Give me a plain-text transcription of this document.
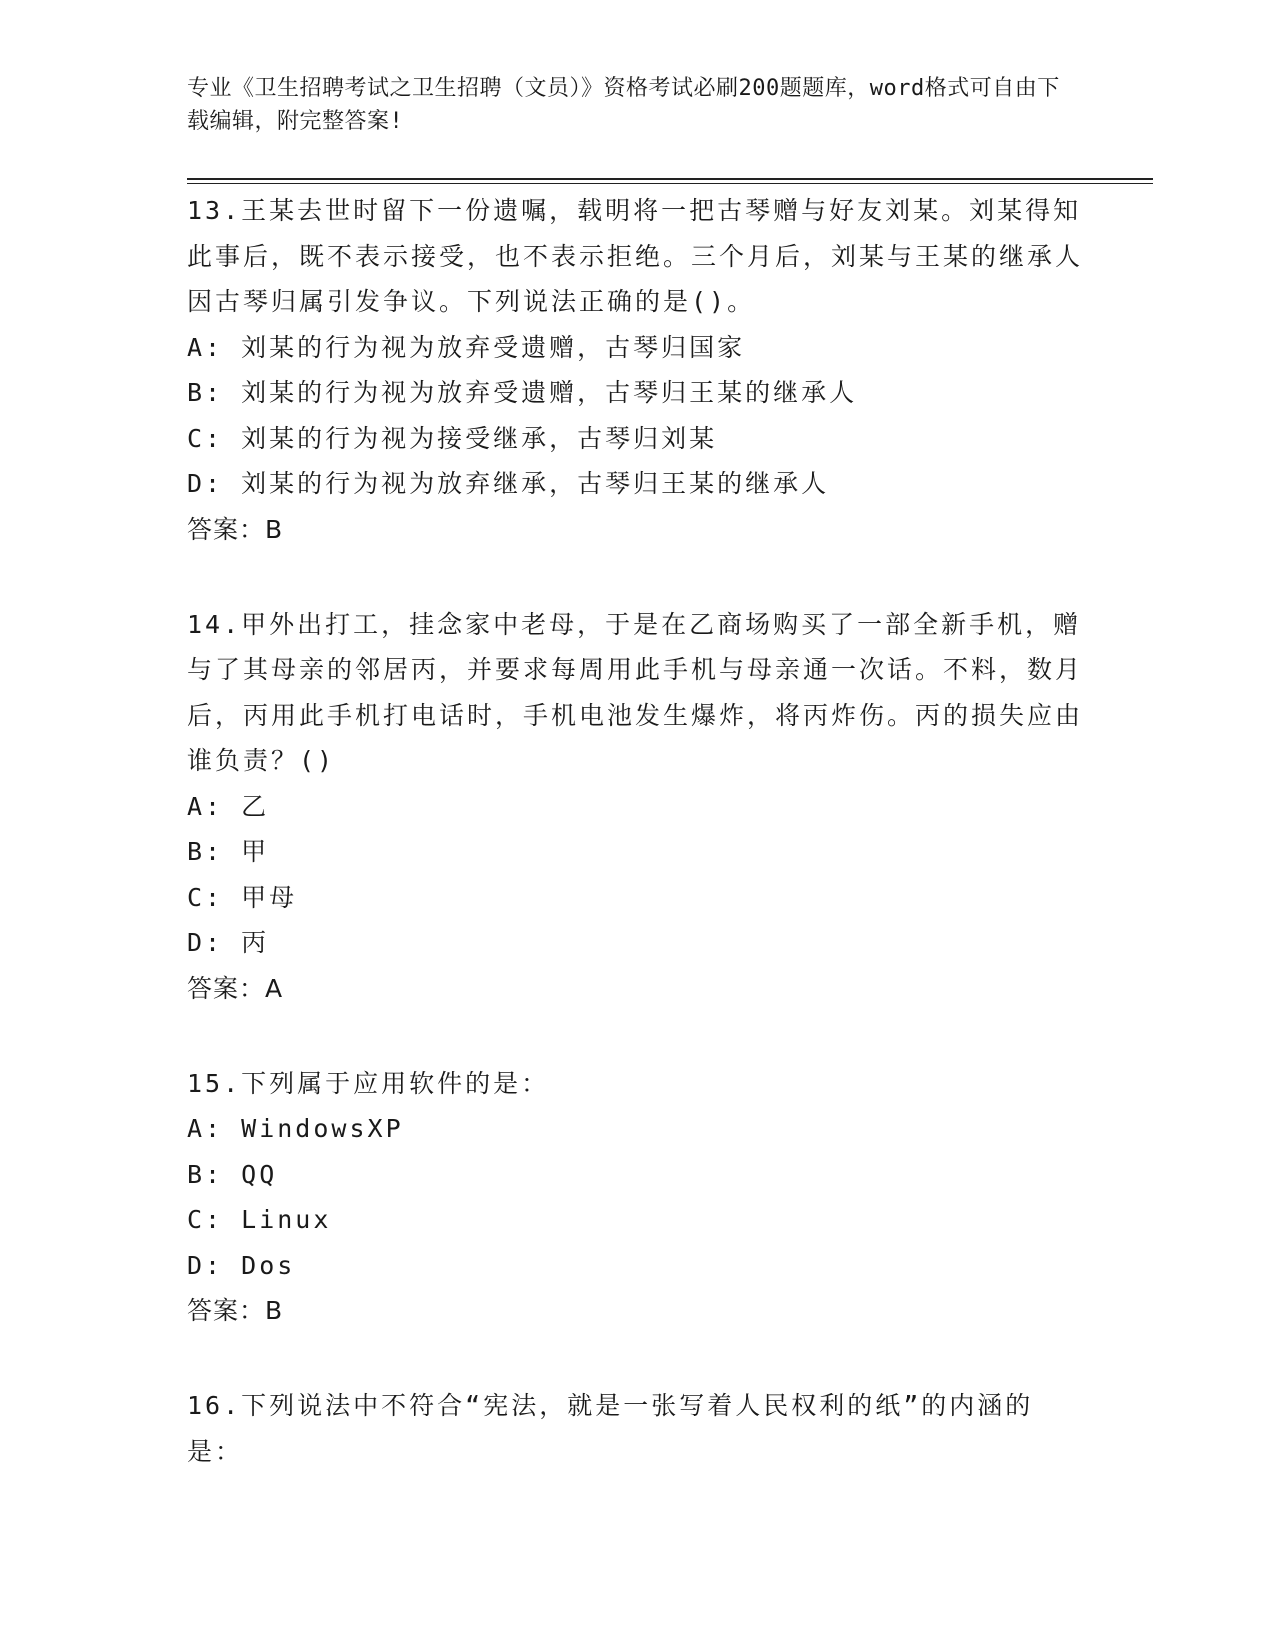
专业《卫生招聘考试之卫生招聘（文员）》资格考试必刷200题题库，word格式可自由下载编辑，附完整答案!

13.王某去世时留下一份遗嘱，载明将一把古琴赠与好友刘某。刘某得知此事后，既不表示接受，也不表示拒绝。三个月后，刘某与王某的继承人因古琴归属引发争议。下列说法正确的是()。

A: 刘某的行为视为放弃受遗赠，古琴归国家

B: 刘某的行为视为放弃受遗赠，古琴归王某的继承人

C: 刘某的行为视为接受继承，古琴归刘某

D: 刘某的行为视为放弃继承，古琴归王某的继承人

答案：B

14.甲外出打工，挂念家中老母，于是在乙商场购买了一部全新手机，赠与了其母亲的邻居丙，并要求每周用此手机与母亲通一次话。不料，数月后，丙用此手机打电话时，手机电池发生爆炸，将丙炸伤。丙的损失应由谁负责？()

A: 乙

B: 甲

C: 甲母

D: 丙

答案：A

15.下列属于应用软件的是：

A: WindowsXP

B: QQ

C: Linux

D: Dos

答案：B

16.下列说法中不符合“宪法，就是一张写着人民权利的纸”的内涵的是：
